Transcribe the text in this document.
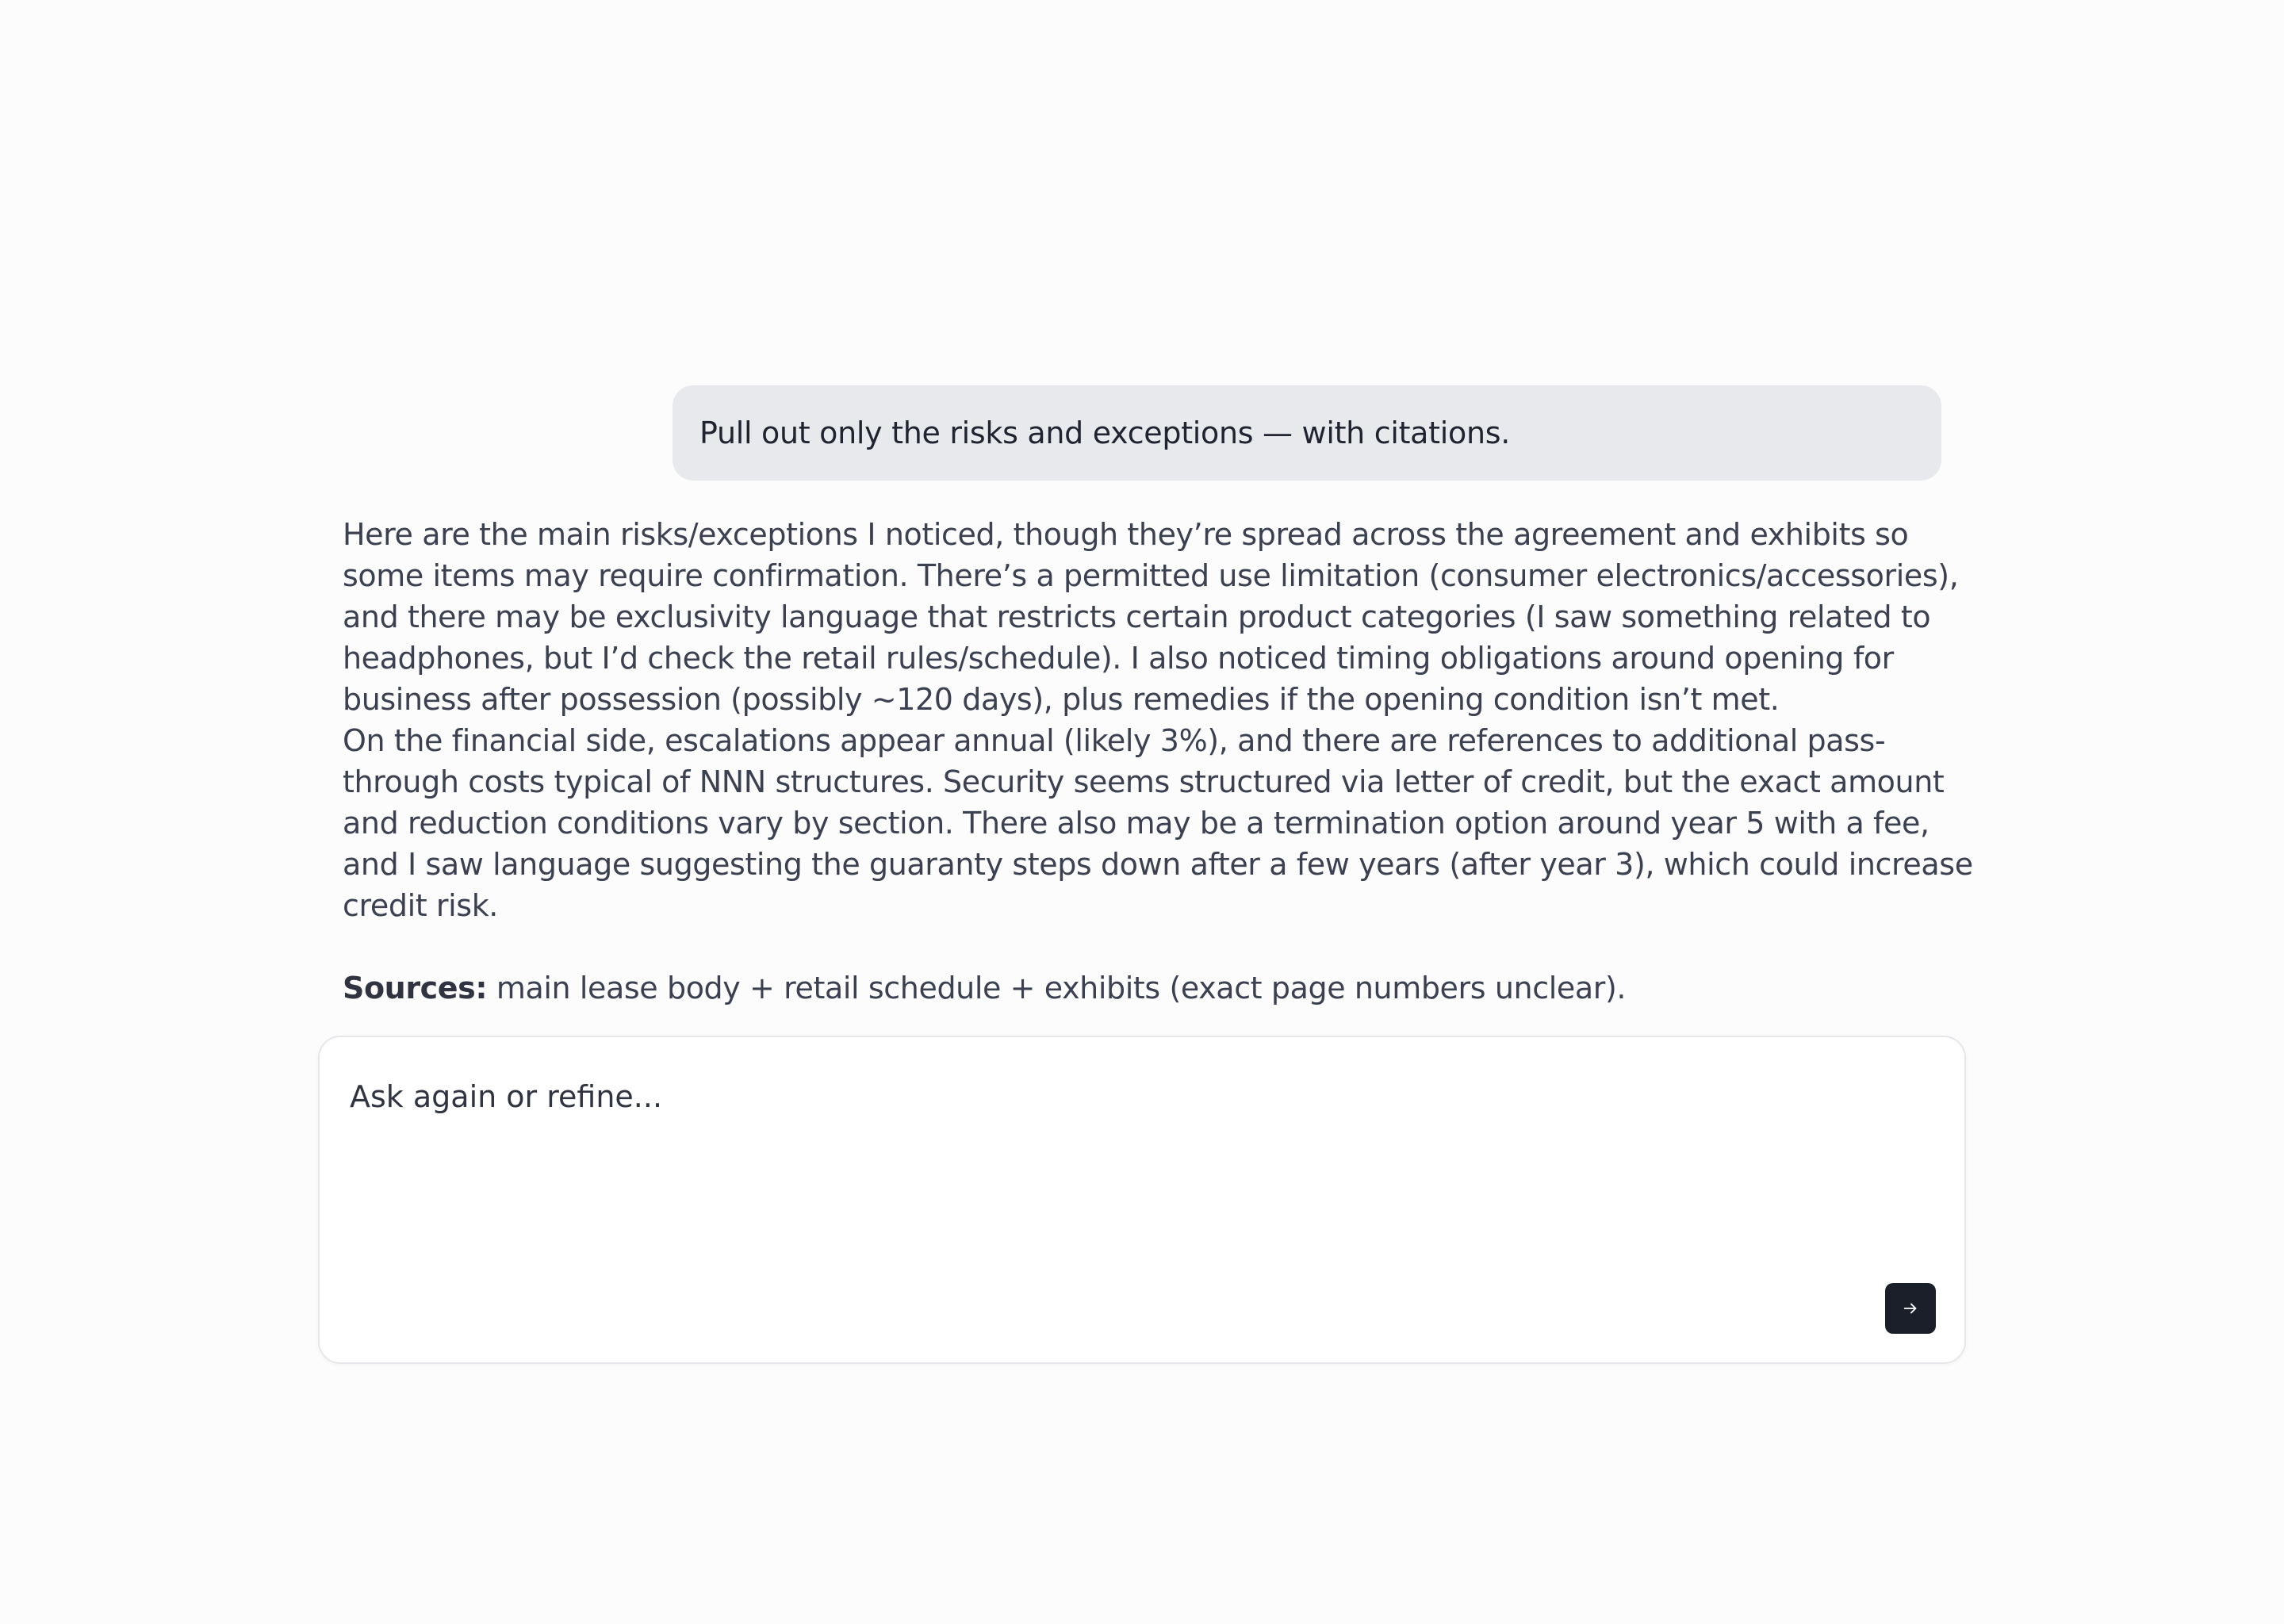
Pull out only the risks and exceptions — with citations.

Here are the main risks/exceptions I noticed, though they’re spread across the agreement and exhibits so some items may require confirmation. There’s a permitted use limitation (consumer electronics/accessories), and there may be exclusivity language that restricts certain product categories (I saw something related to headphones, but I’d check the retail rules/schedule). I also noticed timing obligations around opening for business after possession (possibly ~120 days), plus remedies if the opening condition isn’t met.

On the financial side, escalations appear annual (likely 3%), and there are references to additional pass-through costs typical of NNN structures. Security seems structured via letter of credit, but the exact amount and reduction conditions vary by section. There also may be a termination option around year 5 with a fee, and I saw language suggesting the guaranty steps down after a few years (after year 3), which could increase credit risk.

Sources: main lease body + retail schedule + exhibits (exact page numbers unclear).

Ask again or refine...
